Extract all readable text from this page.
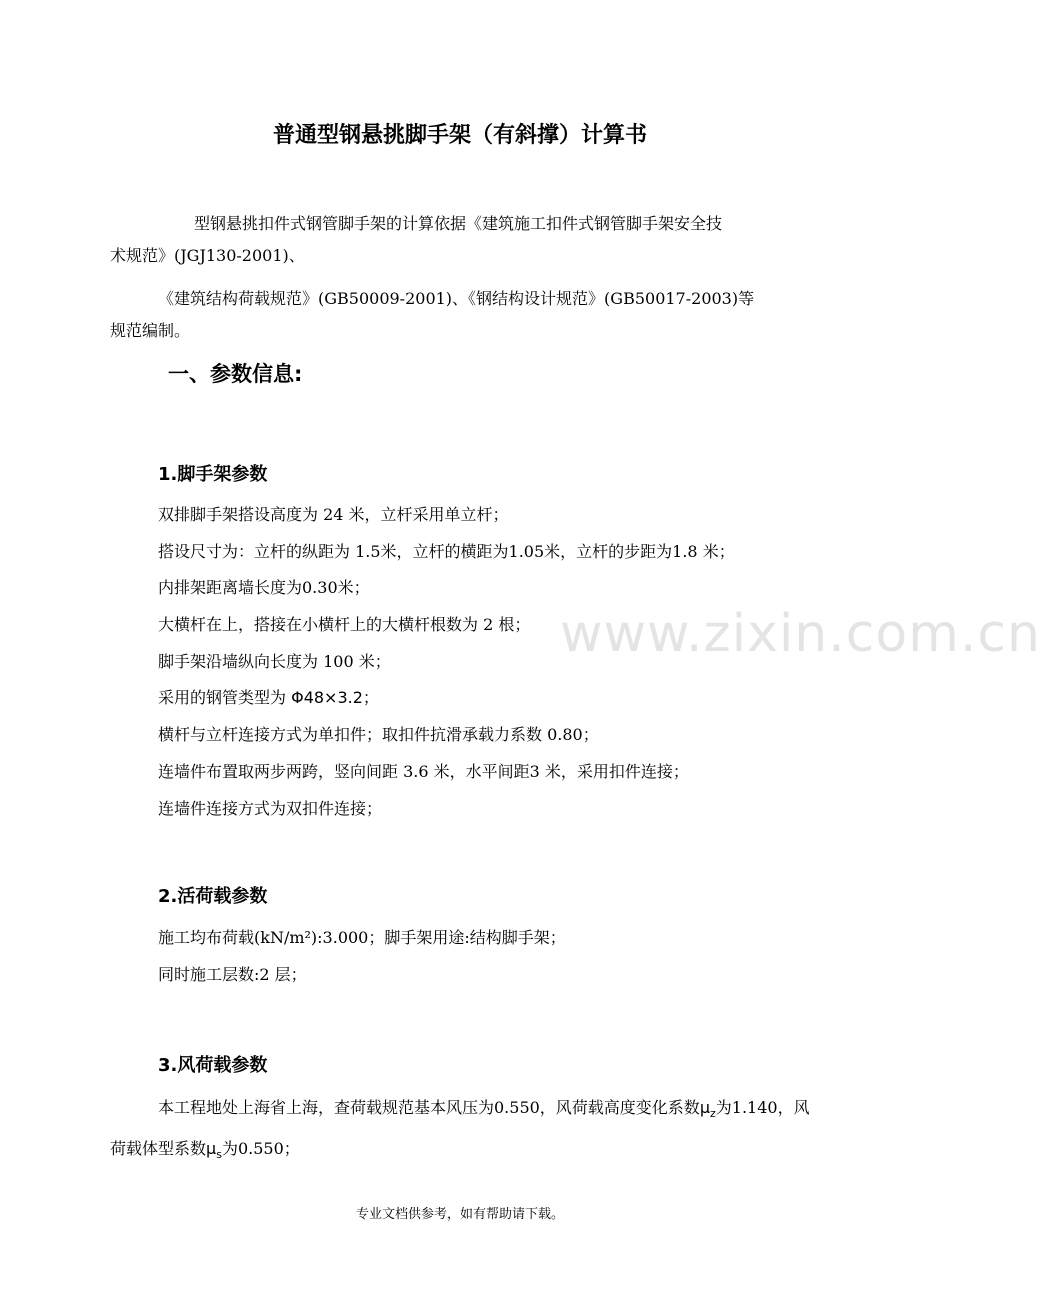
www.zixin.com.cn
普通型钢悬挑脚手架（有斜撑）计算书

型钢悬挑扣件式钢管脚手架的计算依据《建筑施工扣件式钢管脚手架安全技

术规范》(JGJ130-2001)、

《建筑结构荷载规范》(GB50009-2001)、《钢结构设计规范》(GB50017-2003)等

规范编制。

一、参数信息:
1.脚手架参数
双排脚手架搭设高度为 24 米，立杆采用单立杆；
搭设尺寸为：立杆的纵距为 1.5米，立杆的横距为1.05米，立杆的步距为1.8 米；
内排架距离墙长度为0.30米；
大横杆在上，搭接在小横杆上的大横杆根数为 2 根；
脚手架沿墙纵向长度为 100 米；
采用的钢管类型为 Φ48×3.2；
横杆与立杆连接方式为单扣件；取扣件抗滑承载力系数 0.80；
连墙件布置取两步两跨，竖向间距 3.6 米，水平间距3 米，采用扣件连接；
连墙件连接方式为双扣件连接；
2.活荷载参数
施工均布荷载(kN/m²):3.000；脚手架用途:结构脚手架；
同时施工层数:2 层；
3.风荷载参数
本工程地处上海省上海，查荷载规范基本风压为0.550，风荷载高度变化系数$\mu_z$为1.140，风荷载体型系数$\mu_s$为0.550；
专业文档供参考，如有帮助请下载。
